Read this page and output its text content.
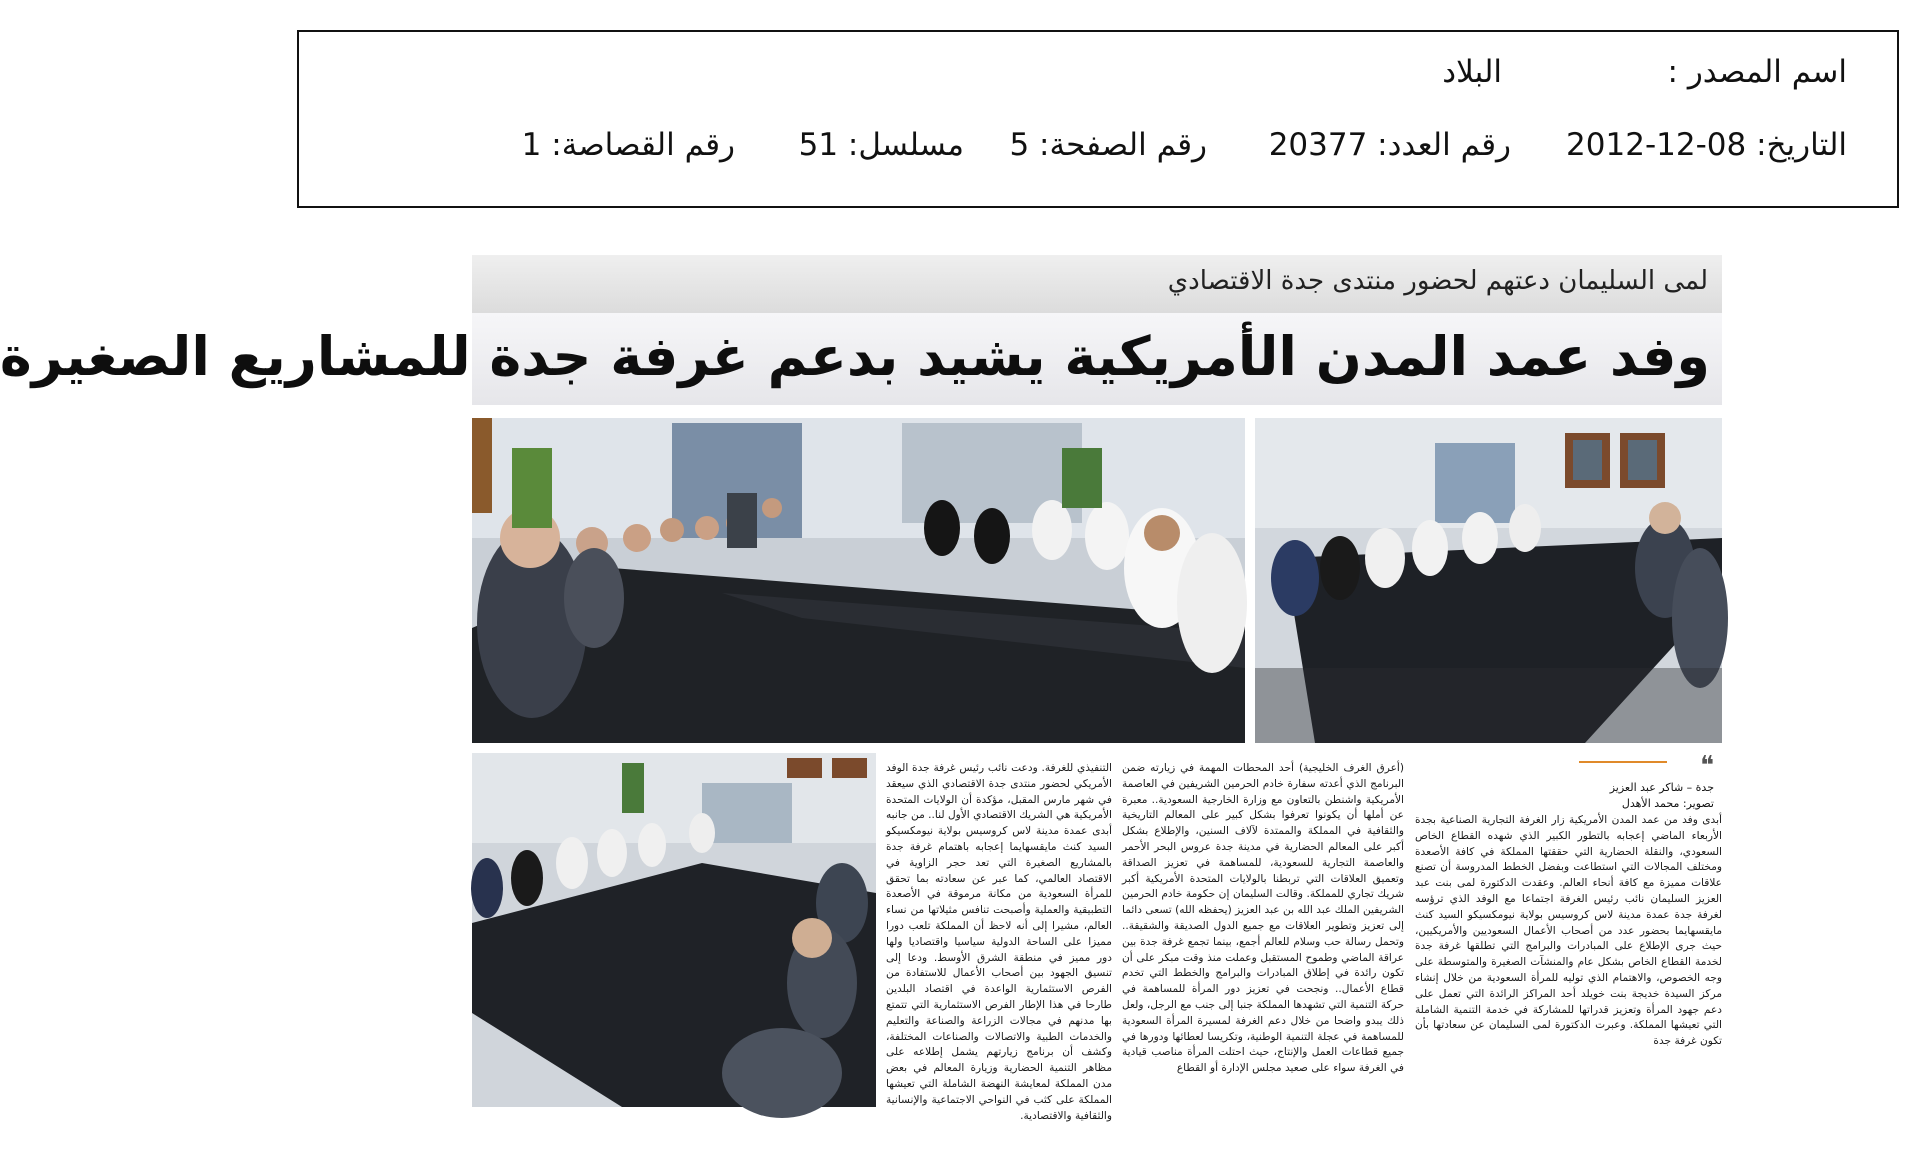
اسم المصدر :
البلاد
التاريخ: 08-12-2012
رقم العدد: 20377
رقم الصفحة: 5
مسلسل: 51
رقم القصاصة: 1
لمى السليمان دعتهم لحضور منتدى جدة الاقتصادي
وفد عمد المدن الأمريكية يشيد بدعم غرفة جدة للمشاريع الصغيرة
❝
جدة – شاكر عبد العزيز
تصوير: محمد الأهدل

أبدى وفد من عمد المدن الأمريكية زار الغرفة التجارية الصناعية بجدة الأربعاء الماضي إعجابه بالتطور الكبير الذي شهده القطاع الخاص السعودي، والنقلة الحضارية التي حققتها المملكة في كافة الأصعدة ومختلف المجالات التي استطاعت وبفضل الخطط المدروسة أن تصنع علاقات مميزة مع كافة أنحاء العالم. وعقدت الدكتورة لمى بنت عبد العزيز السليمان نائب رئيس الغرفة اجتماعا مع الوفد الذي ترؤسه لغرفة جدة عمدة مدينة لاس كروسيس بولاية نيومكسيكو السيد كنث مايقسهايما بحضور عدد من أصحاب الأعمال السعوديين والأمريكيين، حيث جرى الإطلاع على المبادرات والبرامج التي تطلقها غرفة جدة لخدمة القطاع الخاص بشكل عام والمنشآت الصغيرة والمتوسطة على وجه الخصوص، والاهتمام الذي توليه للمرأة السعودية من خلال إنشاء مركز السيدة خديجة بنت خويلد أحد المراكز الرائدة التي تعمل على دعم جهود المرأة وتعزيز قدراتها للمشاركة في خدمة التنمية الشاملة التي تعيشها المملكة. وعبرت الدكتورة لمى السليمان عن سعادتها بأن تكون غرفة جدة

(أعرق الغرف الخليجية) أحد المحطات المهمة في زيارته ضمن البرنامج الذي أعدته سفارة خادم الحرمين الشريفين في العاصمة الأمريكية واشنطن بالتعاون مع وزارة الخارجية السعودية.. معبرة عن أملها أن يكونوا تعرفوا بشكل كبير على المعالم التاريخية والثقافية في المملكة والممتدة لآلاف السنين، والإطلاع بشكل أكبر على المعالم الحضارية في مدينة جدة عروس البحر الأحمر والعاصمة التجارية للسعودية، للمساهمة في تعزيز الصداقة وتعميق العلاقات التي تربطنا بالولايات المتحدة الأمريكية أكبر شريك تجاري للمملكة. وقالت السليمان إن حكومة خادم الحرمين الشريفين الملك عبد الله بن عبد العزيز (يحفظه الله) تسعى دائما إلى تعزيز وتطوير العلاقات مع جميع الدول الصديقة والشقيقة.. وتحمل رسالة حب وسلام للعالم أجمع، بينما تجمع غرفة جدة بين عراقة الماضي وطموح المستقبل وعملت منذ وقت مبكر على أن تكون رائدة في إطلاق المبادرات والبرامج والخطط التي تخدم قطاع الأعمال.. ونجحت في تعزيز دور المرأة للمساهمة في حركة التنمية التي تشهدها المملكة جنبا إلى جنب مع الرجل، ولعل ذلك يبدو واضحا من خلال دعم الغرفة لمسيرة المرأة السعودية للمساهمة في عجلة التنمية الوطنية، وتكريسا لعطائها ودورها في جميع قطاعات العمل والإنتاج، حيث احتلت المرأة مناصب قيادية في الغرفة سواء على صعيد مجلس الإدارة أو القطاع

التنفيذي للغرفة. ودعت نائب رئيس غرفة جدة الوفد الأمريكي لحضور منتدى جدة الاقتصادي الذي سيعقد في شهر مارس المقبل، مؤكدة أن الولايات المتحدة الأمريكية هي الشريك الاقتصادي الأول لنا.. من جانبه أبدى عمدة مدينة لاس كروسيس بولاية نيومكسيكو السيد كنث مايقسهايما إعجابه باهتمام غرفة جدة بالمشاريع الصغيرة التي تعد حجر الزاوية في الاقتصاد العالمي، كما عبر عن سعادته بما تحقق للمرأة السعودية من مكانة مرموقة في الأصعدة التطبيقية والعملية وأصبحت تنافس مثيلاتها من نساء العالم، مشيرا إلى أنه لاحظ أن المملكة تلعب دورا مميزا على الساحة الدولية سياسيا واقتصاديا ولها دور مميز في منطقة الشرق الأوسط. ودعا إلى تنسيق الجهود بين أصحاب الأعمال للاستفادة من الفرص الاستثمارية الواعدة في اقتصاد البلدين طارحا في هذا الإطار الفرص الاستثمارية التي تتمتع بها مدنهم في مجالات الزراعة والصناعة والتعليم والخدمات الطبية والاتصالات والصناعات المختلفة، وكشف أن برنامج زيارتهم يشمل إطلاعه على مظاهر التنمية الحضارية وزيارة المعالم في بعض مدن المملكة لمعايشة النهضة الشاملة التي تعيشها المملكة على كثب في النواحي الاجتماعية والإنسانية والثقافية والاقتصادية.
